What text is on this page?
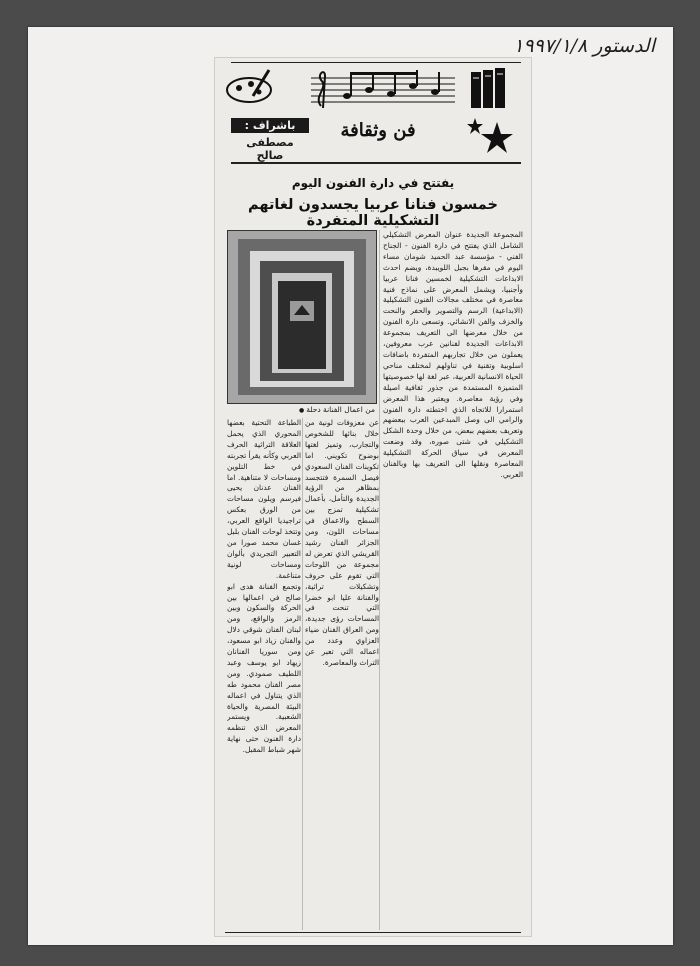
الدستور ١٩٩٧/١/٨
باشراف :
مصطفى صالح
فن وثقافة
يفتتح في دارة الفنون اليوم
خمسون فنانا عربيا يجسدون لغاتهم التشكيلية المتفردة
من اعمال الفنانة دحلة ●

المجموعة الجديدة عنوان المعرض التشكيلي الشامل الذي يفتتح في دارة الفنون - الجناح الفني - مؤسسة عبد الحميد شومان مساء اليوم في مقرها بجبل اللويبدة، ويضم احدث الابداعات التشكيلية لخمسين فنانا عربيا وأجنبيا، ويشمل المعرض على نماذج فنية معاصرة في مختلف مجالات الفنون التشكيلية (الابداعية) الرسم والتصوير والحفر والنحت والخزف والفن الانشائي. وتسعى دارة الفنون من خلال معرضها الى التعريف بمجموعة الابداعات الجديدة لفنانين عرب معروفين، يعملون من خلال تجاربهم المتفردة باضافات اسلوبية وتقنية في تناولهم لمختلف مناحي الحياة الانسانية العربية، عبر لغة لها خصوصيتها المتميزة المستمدة من جذور ثقافية اصيلة وفي رؤية معاصرة. ويعتبر هذا المعرض استمرارا للاتجاه الذي اختطته دارة الفنون والرامي الى وصل المبدعين العرب ببعضهم وتعريف بعضهم ببعض، من خلال وحدة الشكل التشكيلي في شتى صوره، وقد وضعت المعرض في سياق الحركة التشكيلية المعاصرة ونقلها الى التعريف بها وبالفنان العربي.

عن معزوفات لونية من خلال بنائها للشخوص والتجارب، وتميز لغتها بوضوح تكويني. اما تكوينات الفنان السعودي فيصل السمرة فتتجسد بمظاهر من الرؤية الجديدة والتأمل، بأعمال تشكيلية تمزج بين السطح والاعماق في مساحات اللون، ومن الجزائر الفنان رشيد القريشي الذي تعرض له مجموعة من اللوحات التي تقوم على حروف وتشكيلات تراثية، والفنانة عليا ابو خضرا التي تنحت في المساحات رؤى جديدة، ومن العراق الفنان ضياء العزاوي وعدد من اعماله التي تعبر عن التراث والمعاصرة.

الطباعة التحتية بعضها المحوري الذي يحمل العلاقة التراثية الحرف العربي وكأنه يقرأ تجربته في خط التلوين ومساحات لا متناهية. اما الفنان عدنان يحيى فيرسم ويلون مساحات من الورق بعكس تراجيديا الواقع العربي، وتتخذ لوحات الفنان بلبل غسان محمد صورا من التعبير التجريدي بألوان ومساحات لونية متناغمة.

وتجمع الفنانة هدى ابو صالح في اعمالها بين الحركة والسكون وبين الرمز والواقع، ومن لبنان الفنان شوقي دلال والفنان زياد ابو مسعود، ومن سوريا الفنانان زيهاد ابو يوسف وعبد اللطيف صمودي. ومن مصر الفنان محمود طه الذي يتناول في اعماله البيئة المصرية والحياة الشعبية. ويستمر المعرض الذي تنظمه دارة الفنون حتى نهاية شهر شباط المقبل.
